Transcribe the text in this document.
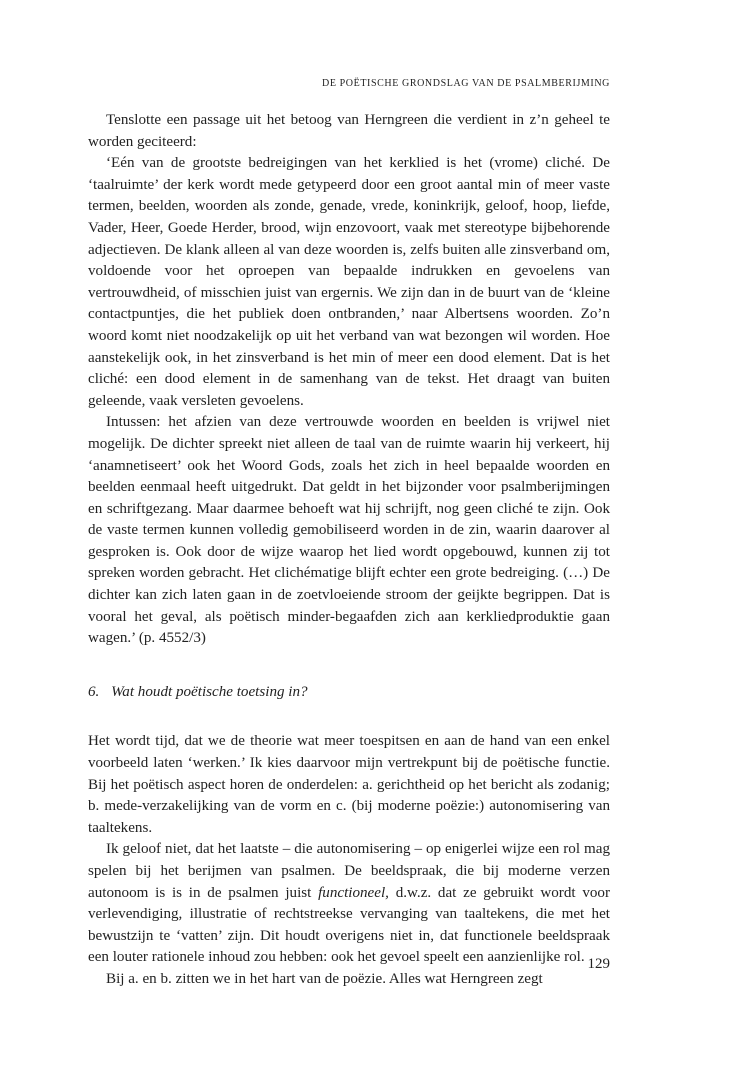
DE POËTISCHE GRONDSLAG VAN DE PSALMBERIJMING

Tenslotte een passage uit het betoog van Herngreen die verdient in z’n geheel te worden geciteerd:

‘Eén van de grootste bedreigingen van het kerklied is het (vrome) cliché. De ‘taalruimte’ der kerk wordt mede getypeerd door een groot aantal min of meer vaste termen, beelden, woorden als zonde, genade, vrede, koninkrijk, geloof, hoop, liefde, Vader, Heer, Goede Herder, brood, wijn enzovoort, vaak met stereotype bijbehorende adjectieven. De klank alleen al van deze woorden is, zelfs buiten alle zinsverband om, voldoende voor het oproepen van bepaalde indrukken en gevoelens van vertrouwdheid, of misschien juist van ergernis. We zijn dan in de buurt van de ‘kleine contactpuntjes, die het publiek doen ontbranden,’ naar Albertsens woorden. Zo’n woord komt niet noodzakelijk op uit het verband van wat bezongen wil worden. Hoe aanstekelijk ook, in het zinsverband is het min of meer een dood element. Dat is het cliché: een dood element in de samenhang van de tekst. Het draagt van buiten geleende, vaak versleten gevoelens.

Intussen: het afzien van deze vertrouwde woorden en beelden is vrijwel niet mogelijk. De dichter spreekt niet alleen de taal van de ruimte waarin hij verkeert, hij ‘anamnetiseert’ ook het Woord Gods, zoals het zich in heel bepaalde woorden en beelden eenmaal heeft uitgedrukt. Dat geldt in het bijzonder voor psalmberijmingen en schriftgezang. Maar daarmee behoeft wat hij schrijft, nog geen cliché te zijn. Ook de vaste termen kunnen volledig gemobiliseerd worden in de zin, waarin daarover al gesproken is. Ook door de wijze waarop het lied wordt opgebouwd, kunnen zij tot spreken worden gebracht. Het clichématige blijft echter een grote bedreiging. (…) De dichter kan zich laten gaan in de zoetvloeiende stroom der geijkte begrippen. Dat is vooral het geval, als poëtisch minder-begaafden zich aan kerkliedproduktie gaan wagen.’ (p. 4552/3)

6. Wat houdt poëtische toetsing in?

Het wordt tijd, dat we de theorie wat meer toespitsen en aan de hand van een enkel voorbeeld laten ‘werken.’ Ik kies daarvoor mijn vertrekpunt bij de poëtische functie. Bij het poëtisch aspect horen de onderdelen: a. gerichtheid op het bericht als zodanig; b. mede-verzakelijking van de vorm en c. (bij moderne poëzie:) autonomisering van taaltekens.

Ik geloof niet, dat het laatste – die autonomisering – op enigerlei wijze een rol mag spelen bij het berijmen van psalmen. De beeldspraak, die bij moderne verzen autonoom is is in de psalmen juist functioneel, d.w.z. dat ze gebruikt wordt voor verlevendiging, illustratie of rechtstreekse vervanging van taaltekens, die met het bewustzijn te ‘vatten’ zijn. Dit houdt overigens niet in, dat functionele beeldspraak een louter rationele inhoud zou hebben: ook het gevoel speelt een aanzienlijke rol.

Bij a. en b. zitten we in het hart van de poëzie. Alles wat Herngreen zegt

129
